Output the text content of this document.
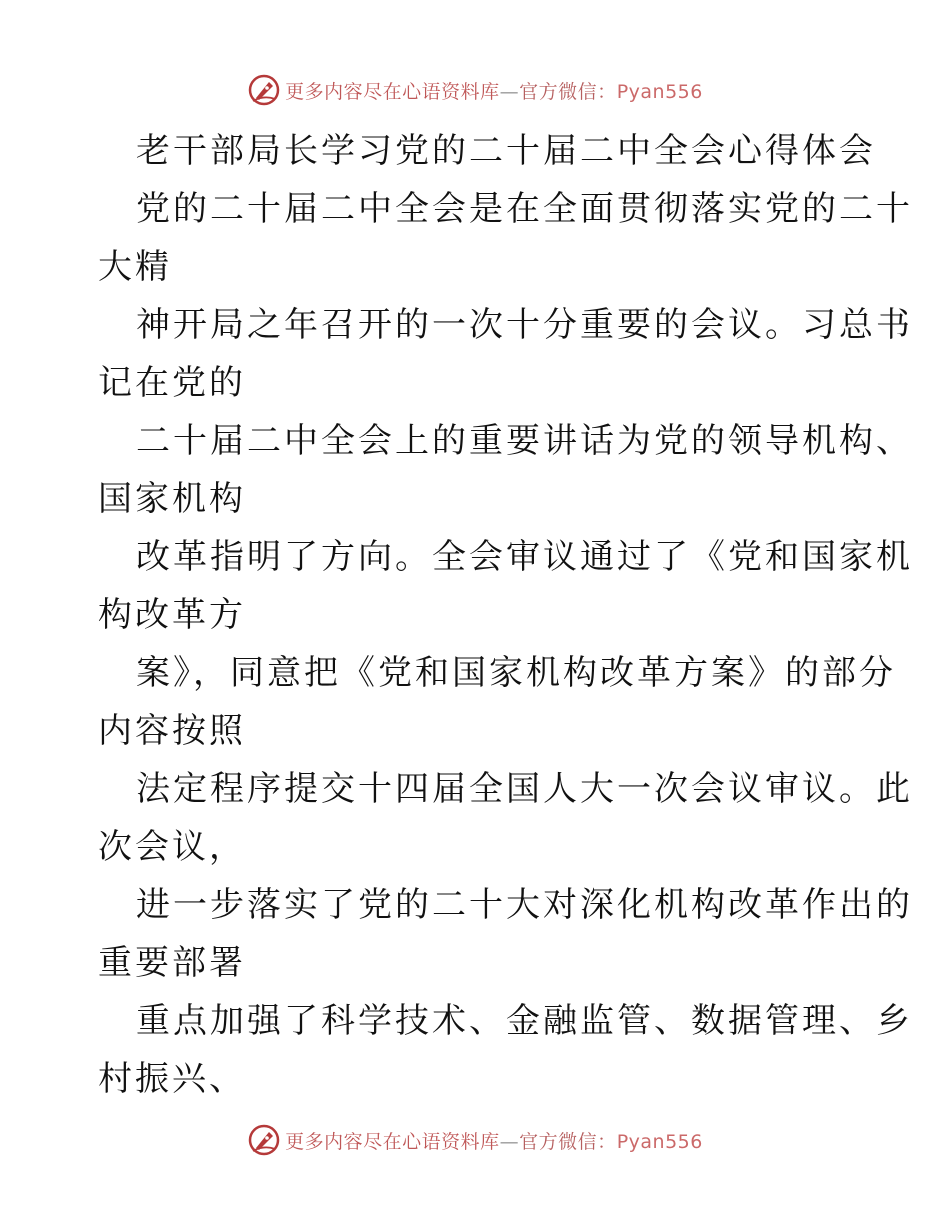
更多内容尽在心语资料库—官方微信：Pyan556
老干部局长学习党的二十届二中全会心得体会
党的二十届二中全会是在全面贯彻落实党的二十
大精
神开局之年召开的一次十分重要的会议。习总书
记在党的
二十届二中全会上的重要讲话为党的领导机构、
国家机构
改革指明了方向。全会审议通过了《党和国家机
构改革方
案》，同意把《党和国家机构改革方案》的部分
内容按照
法定程序提交十四届全国人大一次会议审议。此
次会议，
进一步落实了党的二十大对深化机构改革作出的
重要部署
重点加强了科学技术、金融监管、数据管理、乡
村振兴、
更多内容尽在心语资料库—官方微信：Pyan556
